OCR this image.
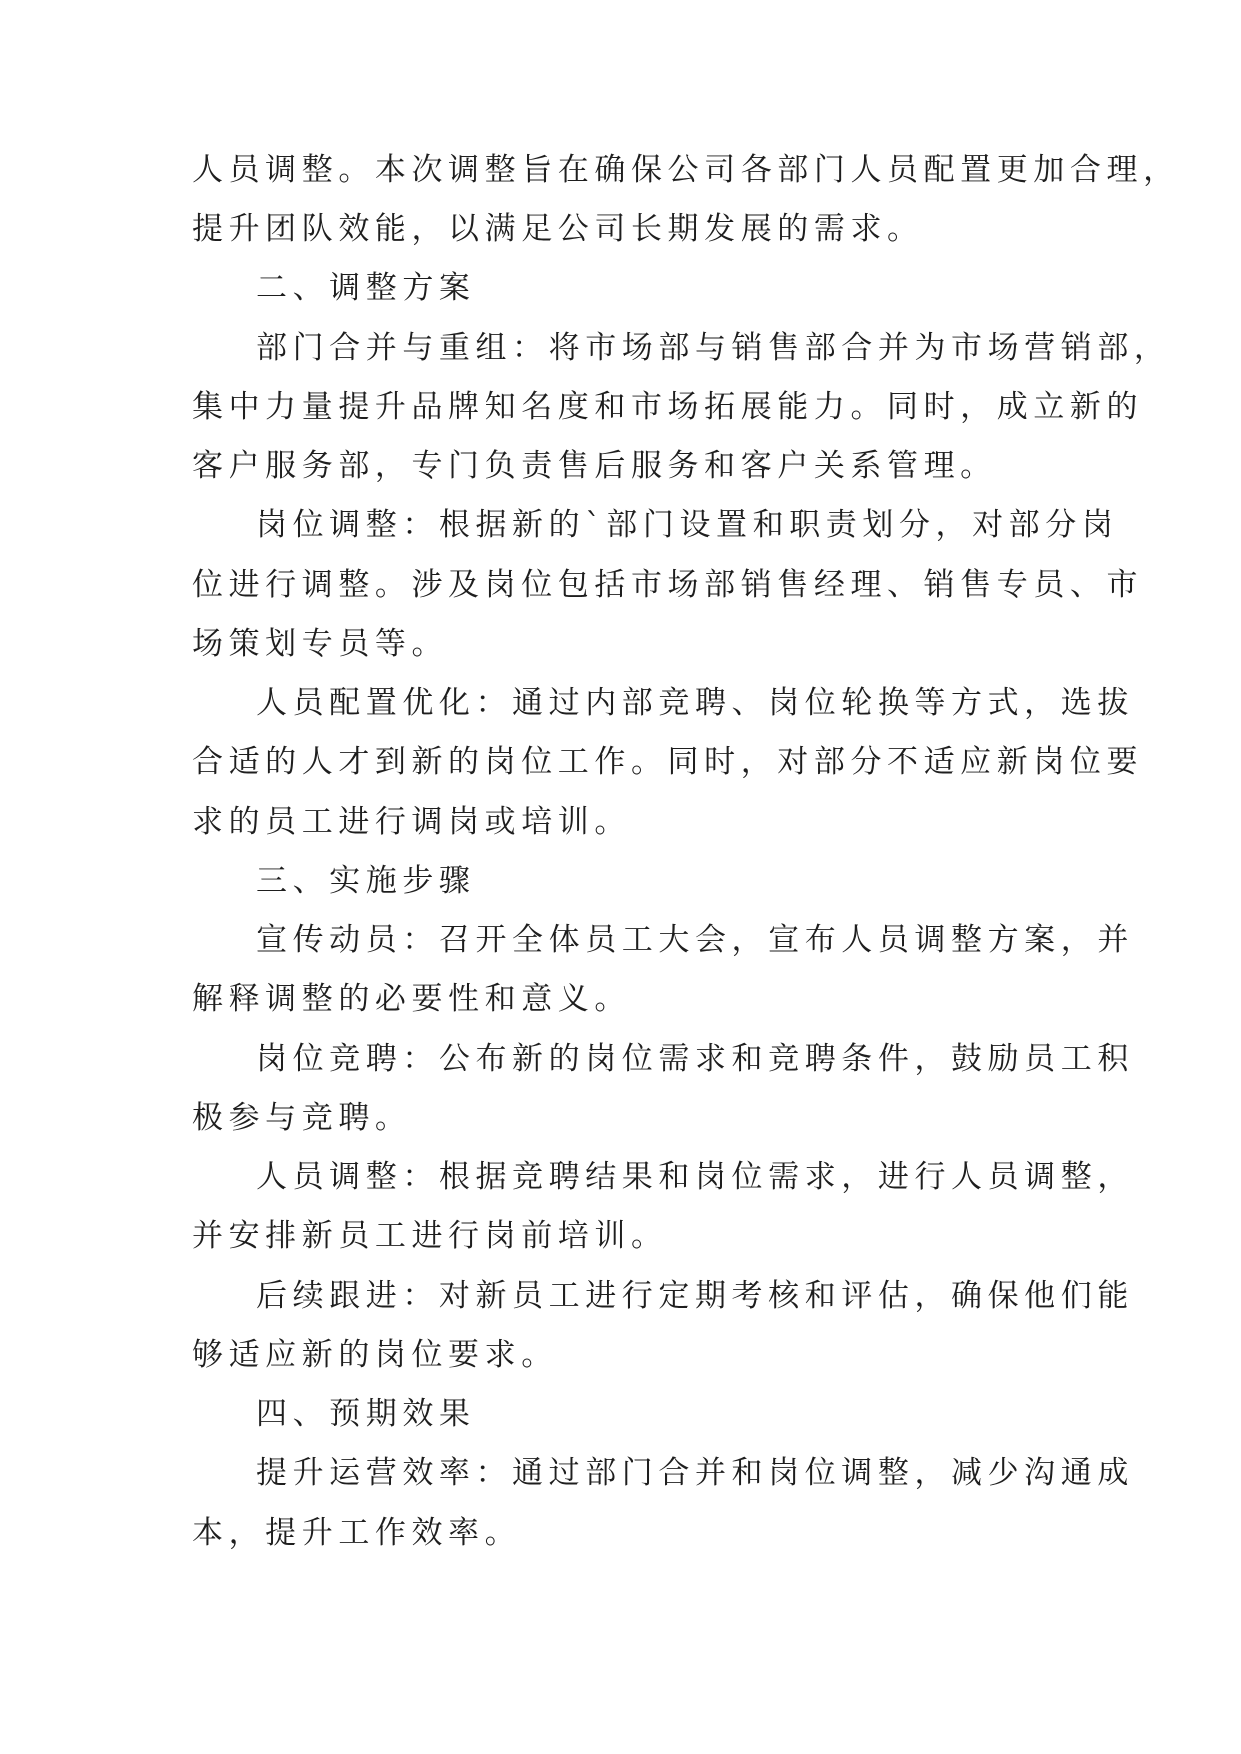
人员调整。本次调整旨在确保公司各部门人员配置更加合理，
提升团队效能，以满足公司长期发展的需求。
二、调整方案
部门合并与重组：将市场部与销售部合并为市场营销部，
集中力量提升品牌知名度和市场拓展能力。同时，成立新的
客户服务部，专门负责售后服务和客户关系管理。
岗位调整：根据新的`部门设置和职责划分，对部分岗
位进行调整。涉及岗位包括市场部销售经理、销售专员、市
场策划专员等。
人员配置优化：通过内部竞聘、岗位轮换等方式，选拔
合适的人才到新的岗位工作。同时，对部分不适应新岗位要
求的员工进行调岗或培训。
三、实施步骤
宣传动员：召开全体员工大会，宣布人员调整方案，并
解释调整的必要性和意义。
岗位竞聘：公布新的岗位需求和竞聘条件，鼓励员工积
极参与竞聘。
人员调整：根据竞聘结果和岗位需求，进行人员调整，
并安排新员工进行岗前培训。
后续跟进：对新员工进行定期考核和评估，确保他们能
够适应新的岗位要求。
四、预期效果
提升运营效率：通过部门合并和岗位调整，减少沟通成
本，提升工作效率。
